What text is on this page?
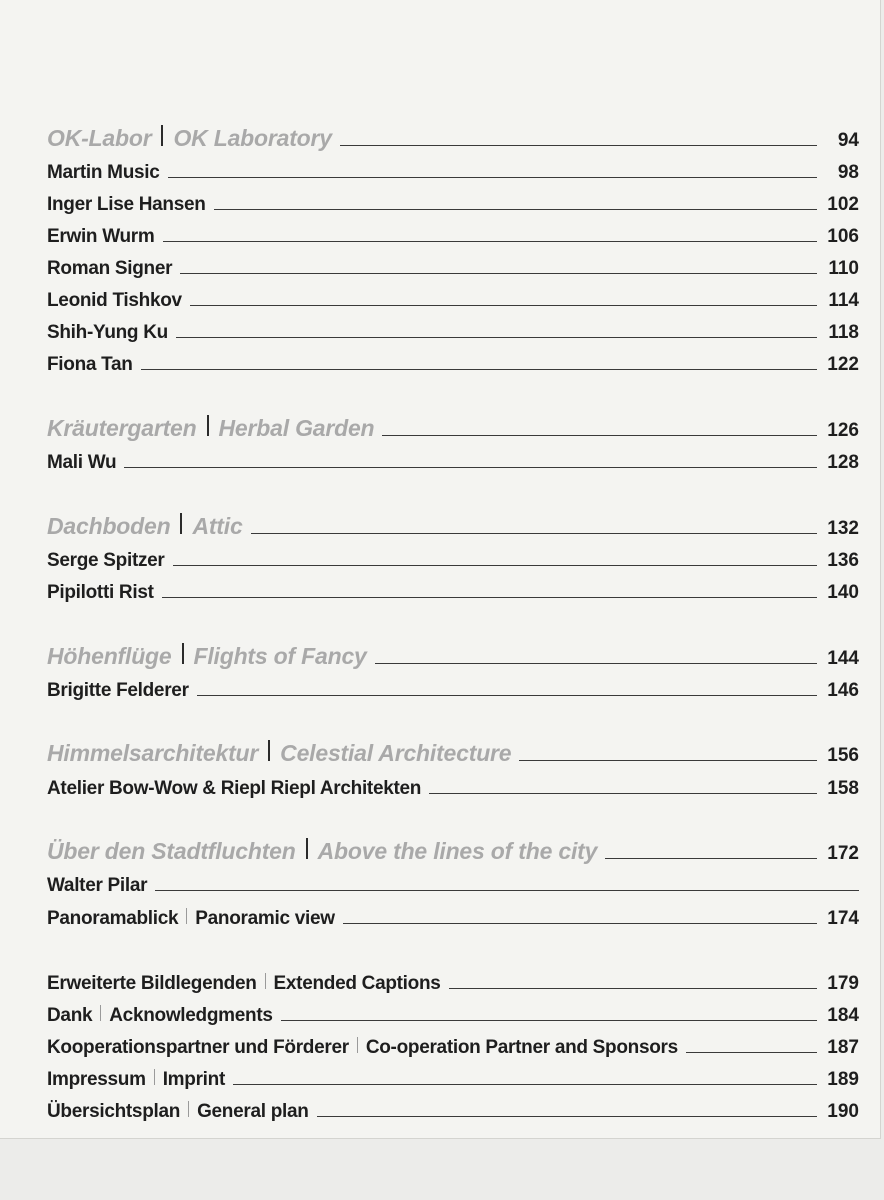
OK-Labor OK Laboratory	94
Martin Music	98
Inger Lise Hansen	102
Erwin Wurm	106
Roman Signer	110
Leonid Tishkov	114
Shih-Yung Ku	118
Fiona Tan	122
Kräutergarten Herbal Garden	126
Mali Wu	128
Dachboden Attic	132
Serge Spitzer	136
Pipilotti Rist	140
Höhenflüge Flights of Fancy	144
Brigitte Felderer	146
Himmelsarchitektur Celestial Architecture	156
Atelier Bow-Wow & Riepl Riepl Architekten	158
Über den Stadtfluchten Above the lines of the city	172
Walter Pilar
Panoramablick Panoramic view	174
Erweiterte Bildlegenden Extended Captions	179
Dank Acknowledgments	184
Kooperationspartner und Förderer Co-operation Partner and Sponsors	187
Impressum Imprint	189
Übersichtsplan General plan	190
